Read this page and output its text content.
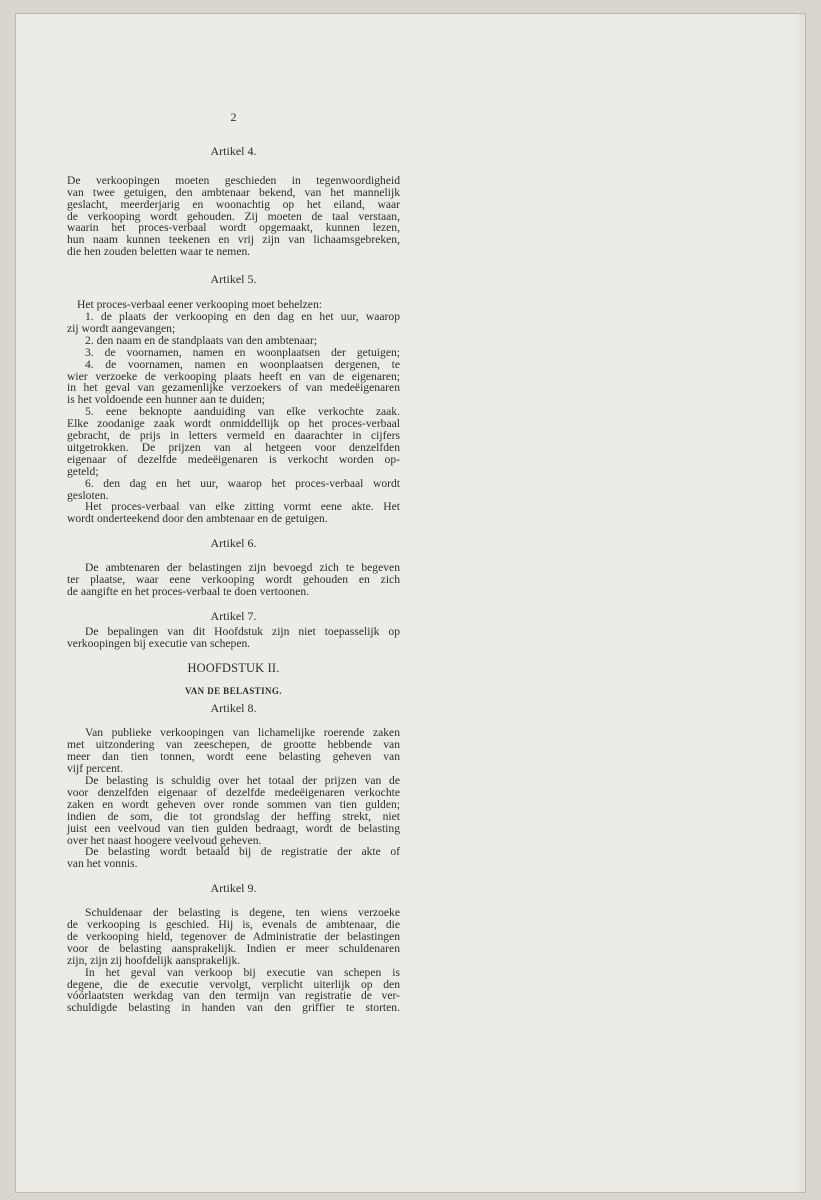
2
Artikel 4.
De verkoopingen moeten geschieden in tegenwoordigheid
van twee getuigen, den ambtenaar bekend, van het mannelijk
geslacht, meerderjarig en woonachtig op het eiland, waar
de verkooping wordt gehouden. Zij moeten de taal verstaan,
waarin het proces-verbaal wordt opgemaakt, kunnen lezen,
hun naam kunnen teekenen en vrij zijn van lichaamsgebreken,
die hen zouden beletten waar te nemen.
Artikel 5.
Het proces-verbaal eener verkooping moet behelzen:
1. de plaats der verkooping en den dag en het uur, waarop
zij wordt aangevangen;
2. den naam en de standplaats van den ambtenaar;
3. de voornamen, namen en woonplaatsen der getuigen;
4. de voornamen, namen en woonplaatsen dergenen, te
wier verzoeke de verkooping plaats heeft en van de eigenaren;
in het geval van gezamenlijke verzoekers of van medeëigenaren
is het voldoende een hunner aan te duiden;
5. eene beknopte aanduiding van elke verkochte zaak.
Elke zoodanige zaak wordt onmiddellijk op het proces-verbaal
gebracht, de prijs in letters vermeld en daarachter in cijfers
uitgetrokken. De prijzen van al hetgeen voor denzelfden
eigenaar of dezelfde medeëigenaren is verkocht worden op-
geteld;
6. den dag en het uur, waarop het proces-verbaal wordt
gesloten.
Het proces-verbaal van elke zitting vormt eene akte. Het
wordt onderteekend door den ambtenaar en de getuigen.
Artikel 6.
De ambtenaren der belastingen zijn bevoegd zich te begeven
ter plaatse, waar eene verkooping wordt gehouden en zich
de aangifte en het proces-verbaal te doen vertoonen.
Artikel 7.
De bepalingen van dit Hoofdstuk zijn niet toepasselijk op
verkoopingen bij executie van schepen.
HOOFDSTUK II.
VAN DE BELASTING.
Artikel 8.
Van publieke verkoopingen van lichamelijke roerende zaken
met uitzondering van zeeschepen, de grootte hebbende van
meer dan tien tonnen, wordt eene belasting geheven van
vijf percent.
De belasting is schuldig over het totaal der prijzen van de
voor denzelfden eigenaar of dezelfde medeëigenaren verkochte
zaken en wordt geheven over ronde sommen van tien gulden;
indien de som, die tot grondslag der heffing strekt, niet
juist een veelvoud van tien gulden bedraagt, wordt de belasting
over het naast hoogere veelvoud geheven.
De belasting wordt betaald bij de registratie der akte of
van het vonnis.
Artikel 9.
Schuldenaar der belasting is degene, ten wiens verzoeke
de verkooping is geschied. Hij is, evenals de ambtenaar, die
de verkooping hield, tegenover de Administratie der belastingen
voor de belasting aansprakelijk. Indien er meer schuldenaren
zijn, zijn zij hoofdelijk aansprakelijk.
In het geval van verkoop bij executie van schepen is
degene, die de executie vervolgt, verplicht uiterlijk op den
vóórlaatsten werkdag van den termijn van registratie de ver-
schuldigde belasting in handen van den griffier te storten.
